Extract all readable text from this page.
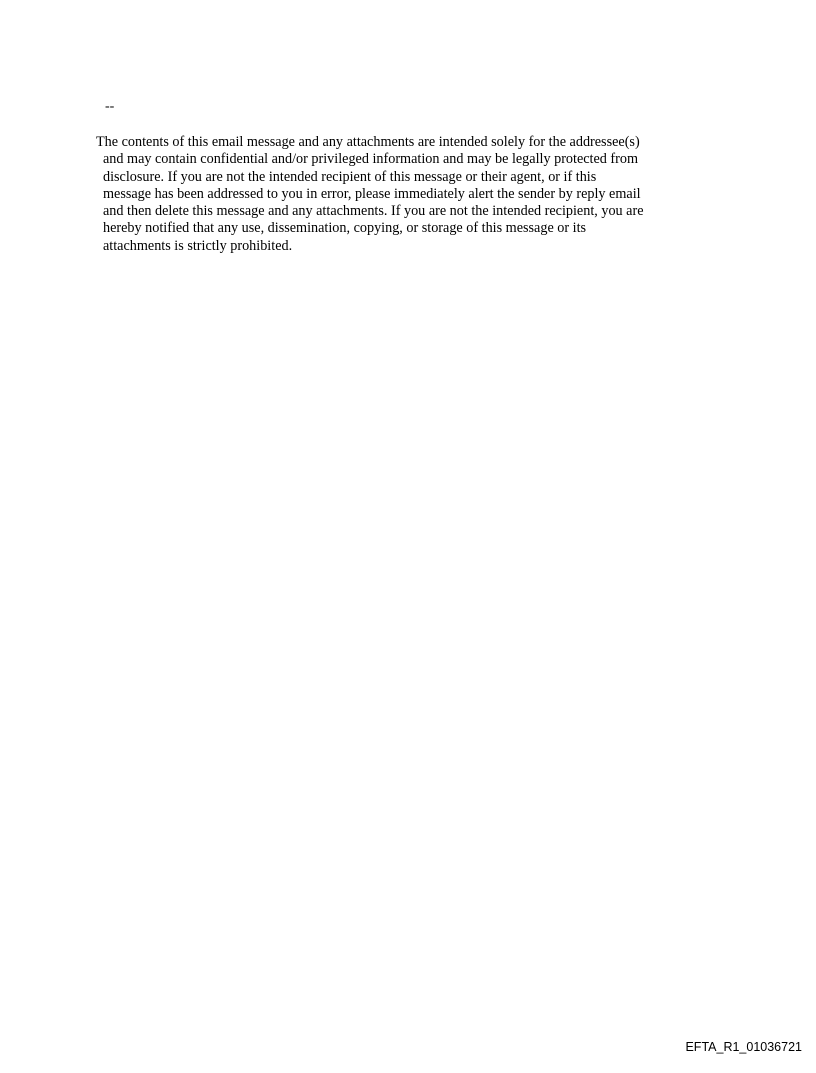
--

The contents of this email message and any attachments are intended solely for the addressee(s)
and may contain confidential and/or privileged information and may be legally protected from
disclosure. If you are not the intended recipient of this message or their agent, or if this
message has been addressed to you in error, please immediately alert the sender by reply email
and then delete this message and any attachments. If you are not the intended recipient, you are
hereby notified that any use, dissemination, copying, or storage of this message or its
attachments is strictly prohibited.

EFTA_R1_01036721
